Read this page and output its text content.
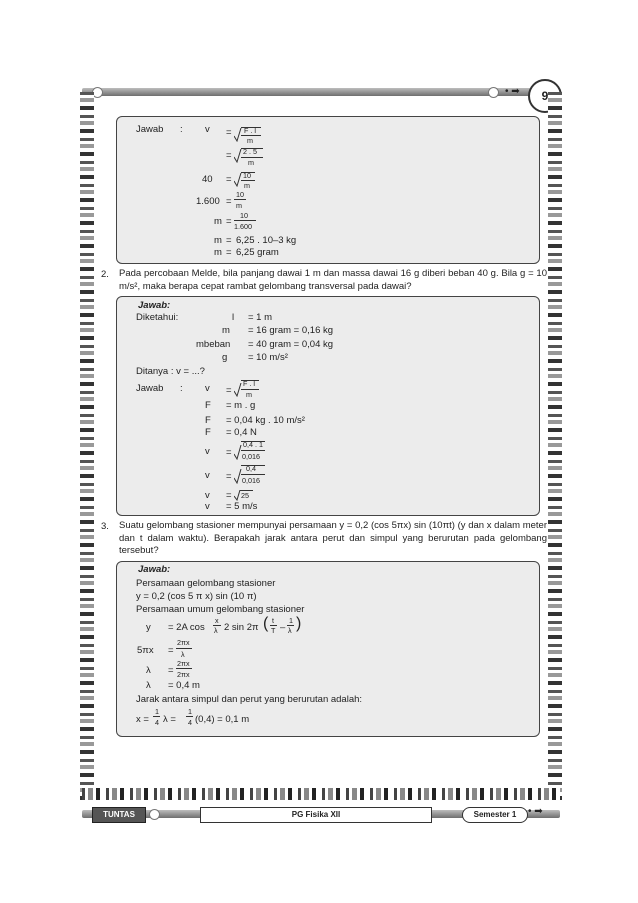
• ➡	9
TUNTAS	PG Fisika XII	Semester 1	• ➡
Jawab : v = F . l
m
= 2 . 5
m
40 = 10
m
1.600 =
10
m
m =
10
1.600
m = 6,25 . 10–3 kg
m = 6,25 gram
2. Pada percobaan Melde, bila panjang dawai 1 m dan massa dawai 16 g diberi beban 40 g. Bila g = 10 m/s², maka berapa cepat rambat gelombang transversal pada dawai?
Jawab:
Diketahui:	l = 1 m
m = 16 gram = 0,16 kg
mbeban = 40 gram = 0,04 kg
g = 10 m/s²
Ditanya : v = ...?
Jawab : v =
F . l
m
F = m . g
F = 0,04 kg . 10 m/s²
F = 0,4 N
v =
0,4 . 1
0,016
v =
0,4
0,016
v = 25
v = 5 m/s
3. Suatu gelombang stasioner mempunyai persamaan y = 0,2 (cos 5πx) sin (10πt) (y dan x dalam meter dan t dalam waktu). Berapakah jarak antara perut dan simpul yang berurutan pada gelombang tersebut?
Jawab:
Persamaan gelombang stasioner
y = 0,2 (cos 5 π x) sin (10 π)
Persamaan umum gelombang stasioner
y = 2A cos
x
λ 2 sin 2π ( t
T –
1
λ )
5πx =
2πx
λ
λ =
2πx
2πx
λ = 0,4 m
Jarak antara simpul dan perut yang berurutan adalah:
x =
1
4 λ =
1
4 (0,4) = 0,1 m
